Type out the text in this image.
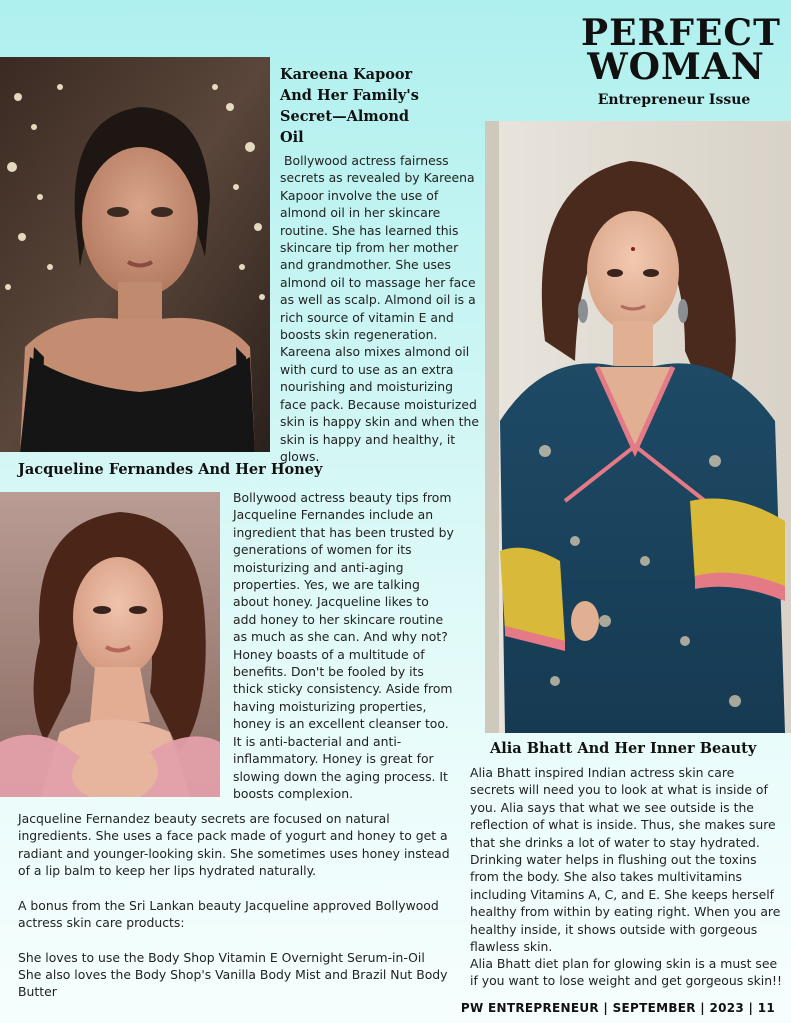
PERFECT
WOMAN
Entrepreneur Issue
Kareena Kapoor And Her Family's Secret—Almond Oil

Bollywood actress fairness secrets as revealed by Kareena Kapoor involve the use of almond oil in her skincare routine. She has learned this skincare tip from her mother and grandmother. She uses almond oil to massage her face as well as scalp. Almond oil is a rich source of vitamin E and boosts skin regeneration. Kareena also mixes almond oil with curd to use as an extra nourishing and moisturizing face pack. Because moisturized skin is happy skin and when the skin is happy and healthy, it glows.

Jacqueline Fernandes And Her Honey

Bollywood actress beauty tips from Jacqueline Fernandes include an ingredient that has been trusted by generations of women for its moisturizing and anti-aging properties. Yes, we are talking about honey. Jacqueline likes to add honey to her skincare routine as much as she can. And why not? Honey boasts of a multitude of benefits. Don't be fooled by its thick sticky consistency. Aside from having moisturizing properties, honey is an excellent cleanser too. It is anti-bacterial and anti-inflammatory. Honey is great for slowing down the aging process. It boosts complexion.

Jacqueline Fernandez beauty secrets are focused on natural ingredients. She uses a face pack made of yogurt and honey to get a radiant and younger-looking skin. She sometimes uses honey instead of a lip balm to keep her lips hydrated naturally.

A bonus from the Sri Lankan beauty Jacqueline approved Bollywood actress skin care products:

She loves to use the Body Shop Vitamin E Overnight Serum-in-Oil

She also loves the Body Shop's Vanilla Body Mist and Brazil Nut Body Butter

Alia Bhatt And Her Inner Beauty

Alia Bhatt inspired Indian actress skin care secrets will need you to look at what is inside of you. Alia says that what we see outside is the reflection of what is inside. Thus, she makes sure that she drinks a lot of water to stay hydrated. Drinking water helps in flushing out the toxins from the body. She also takes multivitamins including Vitamins A, C, and E. She keeps herself healthy from within by eating right. When you are healthy inside, it shows outside with gorgeous flawless skin.

Alia Bhatt diet plan for glowing skin is a must see if you want to lose weight and get gorgeous skin!!

PW ENTREPRENEUR | SEPTEMBER | 2023 | 11
